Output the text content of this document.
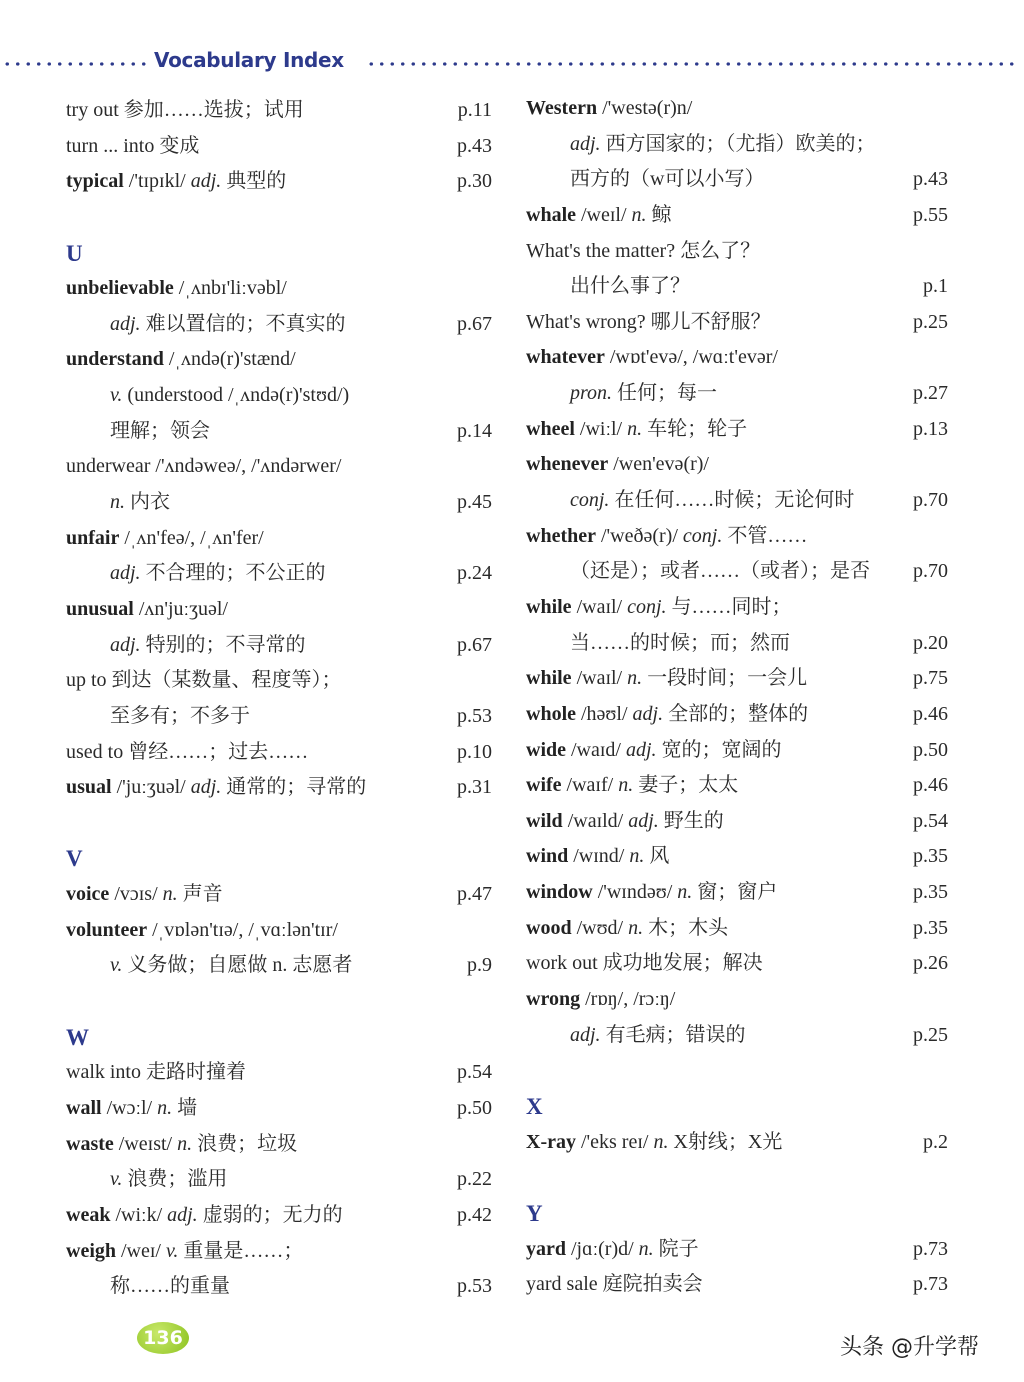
Vocabulary Index
try out 参加……选拔；试用	p.11
turn ... into 变成	p.43
typical /'tɪpɪkl/ adj. 典型的	p.30
U
unbelievable /ˌʌnbɪ'liːvəbl/
adj. 难以置信的；不真实的	p.67
understand /ˌʌndə(r)'stænd/
v. (understood /ˌʌndə(r)'stʊd/)
理解；领会	p.14
underwear /'ʌndəweə/, /'ʌndərwer/
n. 内衣	p.45
unfair /ˌʌn'feə/, /ˌʌn'fer/
adj. 不合理的；不公正的	p.24
unusual /ʌn'juːʒuəl/
adj. 特别的；不寻常的	p.67
up to 到达（某数量、程度等）；
至多有；不多于	p.53
used to 曾经……；过去……	p.10
usual /'juːʒuəl/ adj. 通常的；寻常的	p.31
V
voice /vɔɪs/ n. 声音	p.47
volunteer /ˌvɒlən'tɪə/, /ˌvɑːlən'tɪr/
v. 义务做；自愿做 n. 志愿者	p.9
W
walk into 走路时撞着	p.54
wall /wɔːl/ n. 墙	p.50
waste /weɪst/ n. 浪费；垃圾
v. 浪费；滥用	p.22
weak /wiːk/ adj. 虚弱的；无力的	p.42
weigh /weɪ/ v. 重量是……；
称……的重量	p.53
Western /'westə(r)n/
adj. 西方国家的；（尤指）欧美的；
西方的（w可以小写）	p.43
whale /weɪl/ n. 鲸	p.55
What's the matter? 怎么了？
出什么事了？	p.1
What's wrong? 哪儿不舒服？	p.25
whatever /wɒt'evə/, /wɑːt'evər/
pron. 任何；每一	p.27
wheel /wiːl/ n. 车轮；轮子	p.13
whenever /wen'evə(r)/
conj. 在任何……时候；无论何时	p.70
whether /'weðə(r)/ conj. 不管……
（还是）；或者……（或者）；是否 p.70
while /waɪl/ conj. 与……同时；
当……的时候；而；然而	p.20
while /waɪl/ n. 一段时间；一会儿	p.75
whole /həʊl/ adj. 全部的；整体的	p.46
wide /waɪd/ adj. 宽的；宽阔的	p.50
wife /waɪf/ n. 妻子；太太	p.46
wild /waɪld/ adj. 野生的	p.54
wind /wɪnd/ n. 风	p.35
window /'wɪndəʊ/ n. 窗；窗户	p.35
wood /wʊd/ n. 木；木头	p.35
work out 成功地发展；解决	p.26
wrong /rɒŋ/, /rɔːŋ/
adj. 有毛病；错误的	p.25
X
X-ray /'eks reɪ/ n. X射线；X光	p.2
Y
yard /jɑː(r)d/ n. 院子	p.73
yard sale 庭院拍卖会	p.73
136	头条 @升学帮
